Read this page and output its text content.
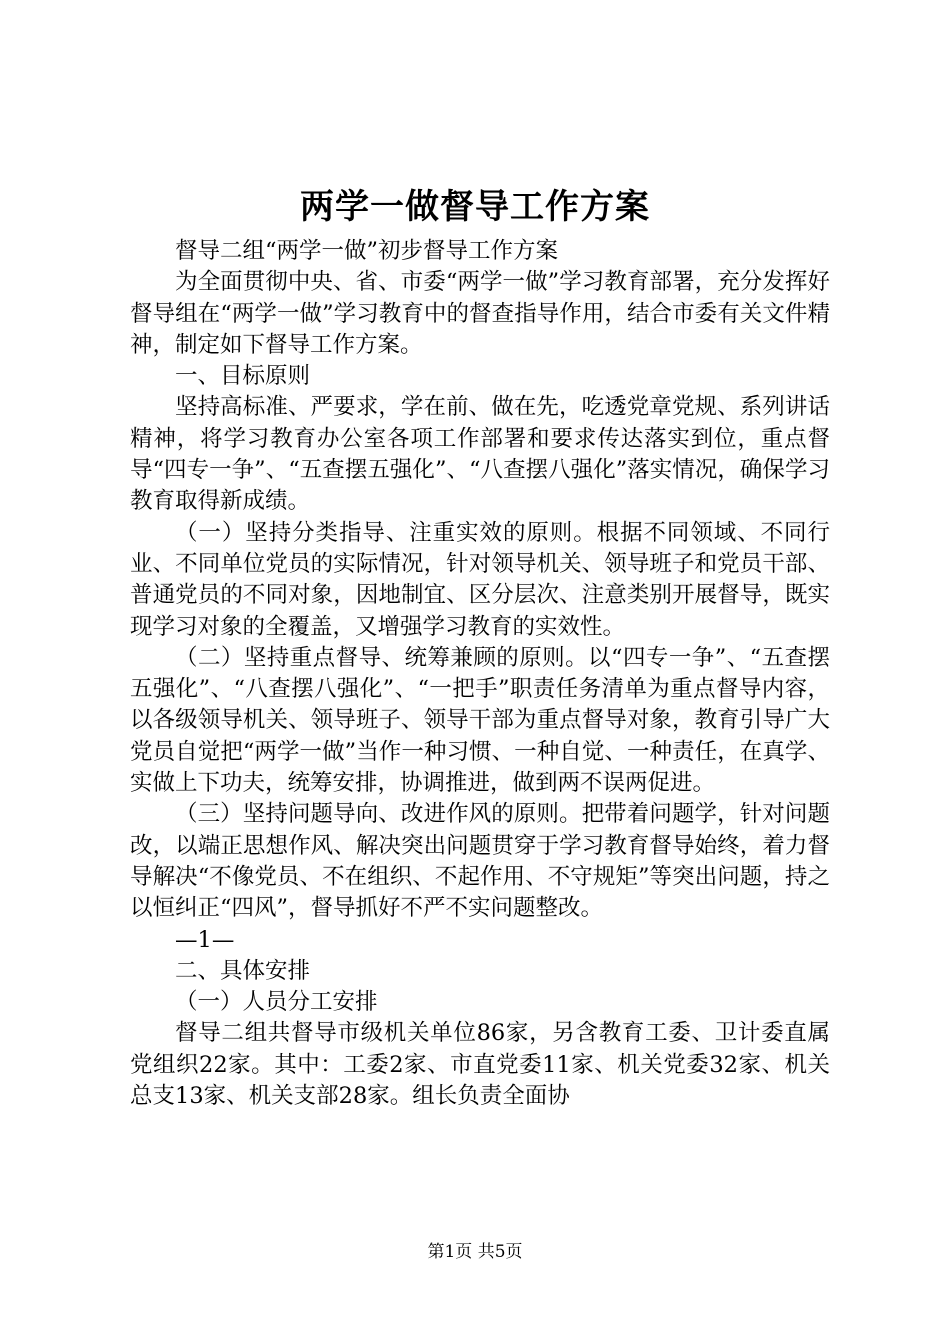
两学一做督导工作方案

督导二组“两学一做”初步督导工作方案

为全面贯彻中央、省、市委“两学一做”学习教育部署，充分发挥好督导组在“两学一做”学习教育中的督查指导作用，结合市委有关文件精神，制定如下督导工作方案。

一、目标原则

坚持高标准、严要求，学在前、做在先，吃透党章党规、系列讲话精神，将学习教育办公室各项工作部署和要求传达落实到位，重点督导“四专一争”、“五查摆五强化”、“八查摆八强化”落实情况，确保学习教育取得新成绩。

（一）坚持分类指导、注重实效的原则。根据不同领域、不同行业、不同单位党员的实际情况，针对领导机关、领导班子和党员干部、普通党员的不同对象，因地制宜、区分层次、注意类别开展督导，既实现学习对象的全覆盖，又增强学习教育的实效性。

（二）坚持重点督导、统筹兼顾的原则。以“四专一争”、“五查摆五强化”、“八查摆八强化”、“一把手”职责任务清单为重点督导内容，以各级领导机关、领导班子、领导干部为重点督导对象，教育引导广大党员自觉把“两学一做”当作一种习惯、一种自觉、一种责任，在真学、实做上下功夫，统筹安排，协调推进，做到两不误两促进。

（三）坚持问题导向、改进作风的原则。把带着问题学，针对问题改，以端正思想作风、解决突出问题贯穿于学习教育督导始终，着力督导解决“不像党员、不在组织、不起作用、不守规矩”等突出问题，持之以恒纠正“四风”，督导抓好不严不实问题整改。

—1—

二、具体安排

（一）人员分工安排

督导二组共督导市级机关单位86家，另含教育工委、卫计委直属党组织22家。其中：工委2家、市直党委11家、机关党委32家、机关总支13家、机关支部28家。组长负责全面协

第1页 共5页
